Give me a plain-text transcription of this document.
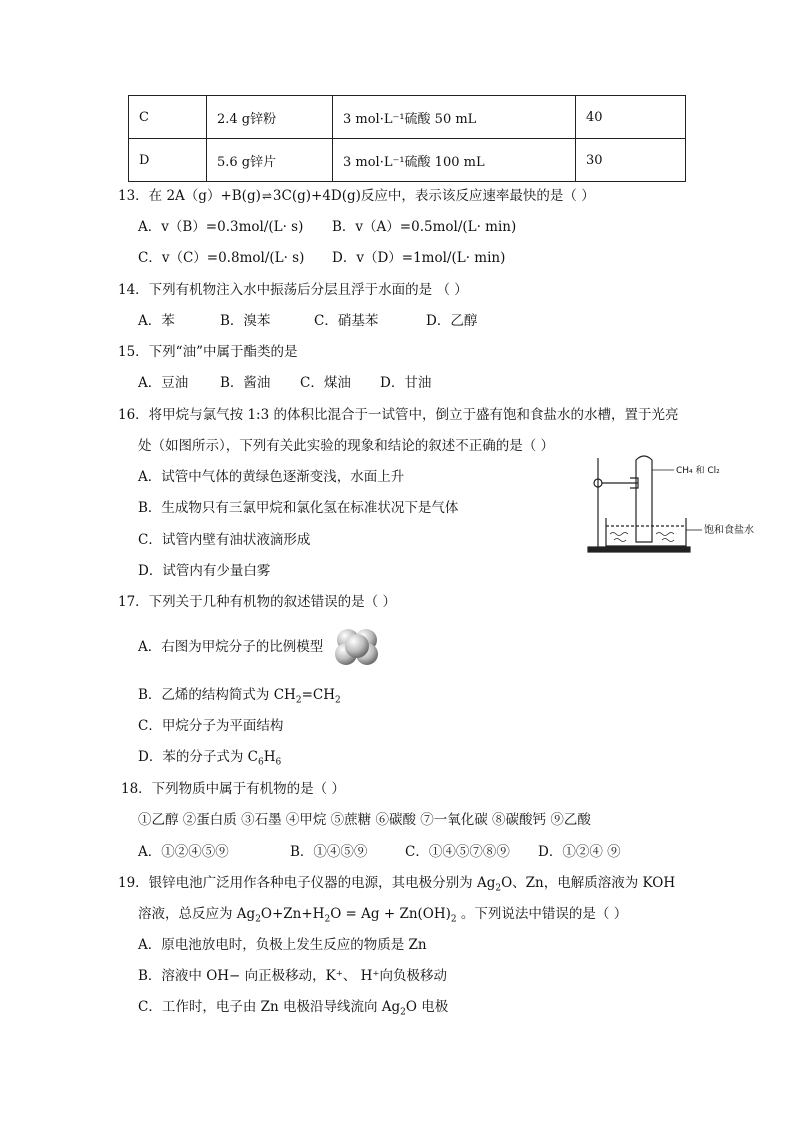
C	2.4 g锌粉	3 mol·L⁻¹硫酸 50 mL	40
D	5.6 g锌片	3 mol·L⁻¹硫酸 100 mL	30
13．在 2A（g）+B(g)⇌3C(g)+4D(g)反应中，表示该反应速率最快的是（ ）
A．v（B）=0.3mol/(L· s) B．v（A）=0.5mol/(L· min)
C．v（C）=0.8mol/(L· s) D．v（D）=1mol/(L· min)
14．下列有机物注入水中振荡后分层且浮于水面的是 （ ）
A．苯	B．溴苯	C．硝基苯	D．乙醇
15．下列“油”中属于酯类的是
A．豆油 B．酱油 C．煤油 D．甘油
16．将甲烷与氯气按 1:3 的体积比混合于一试管中，倒立于盛有饱和食盐水的水槽，置于光亮
处（如图所示），下列有关此实验的现象和结论的叙述不正确的是（ ）
A．试管中气体的黄绿色逐渐变浅，水面上升
B．生成物只有三氯甲烷和氯化氢在标准状况下是气体
C．试管内壁有油状液滴形成
D．试管内有少量白雾
CH₄ 和 Cl₂
饱和食盐水
17．下列关于几种有机物的叙述错误的是（ ）
A．右图为甲烷分子的比例模型
B．乙烯的结构简式为 $CH_2=CH_2$
C．甲烷分子为平面结构
D．苯的分子式为 $C_6H_6$
18．下列物质中属于有机物的是（ ）
①乙醇 ②蛋白质 ③石墨 ④甲烷 ⑤蔗糖 ⑥碳酸 ⑦一氧化碳 ⑧碳酸钙 ⑨乙酸
A．①②④⑤⑨	B．①④⑤⑨	C．①④⑤⑦⑧⑨ D．①②④ ⑨
19．银锌电池广泛用作各种电子仪器的电源，其电极分别为 $Ag_2O$、Zn，电解质溶液为 KOH
溶液，总反应为 $Ag_2O+Zn+H_2O = Ag + Zn(OH)_2$ 。下列说法中错误的是（ ）
A．原电池放电时，负极上发生反应的物质是 Zn
B．溶液中 OH− 向正极移动，K⁺、 H⁺向负极移动
C．工作时，电子由 Zn 电极沿导线流向 $Ag_2O$ 电极
